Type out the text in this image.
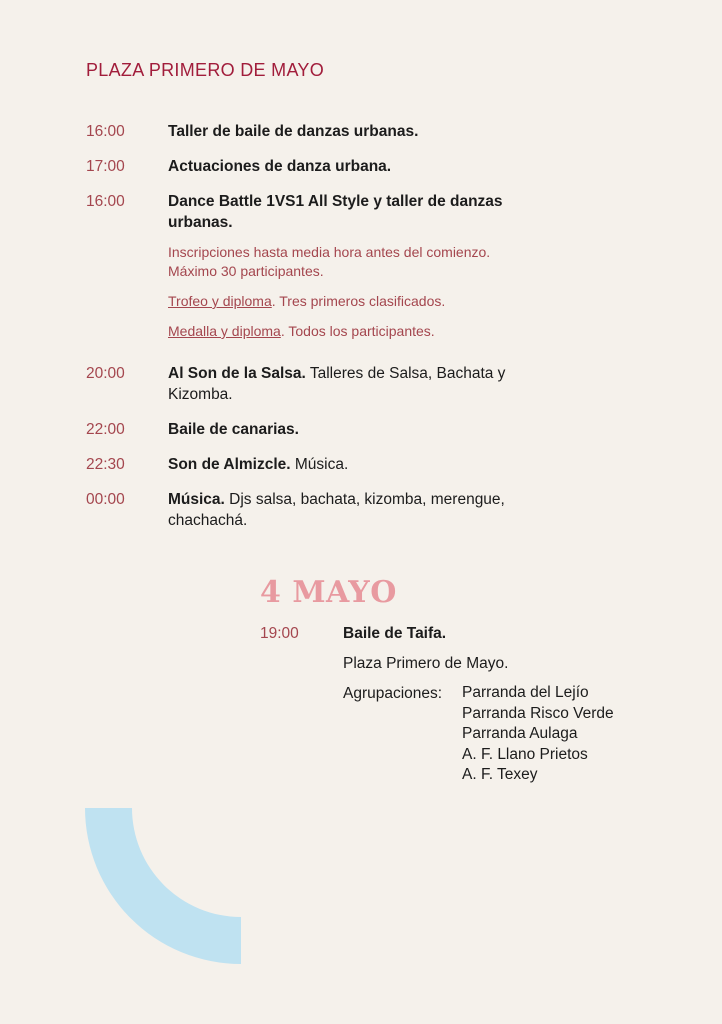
PLAZA PRIMERO DE MAYO
16:00	Taller de baile de danzas urbanas.
17:00	Actuaciones de danza urbana.
16:00	Dance Battle 1VS1 All Style y taller de danzas urbanas.

Inscripciones hasta media hora antes del comienzo. Máximo 30 participantes.

Trofeo y diploma. Tres primeros clasificados.

Medalla y diploma. Todos los participantes.

20:00	Al Son de la Salsa. Talleres de Salsa, Bachata y Kizomba.
22:00	Baile de canarias.
22:30	Son de Almizcle. Música.
00:00	Música. Djs salsa, bachata, kizomba, merengue, chachachá.
4 MAYO
19:00	Baile de Taifa.
Plaza Primero de Mayo.
Agrupaciones:	Parranda del Lejío
Parranda Risco Verde
Parranda Aulaga
A. F. Llano Prietos
A. F. Texey
